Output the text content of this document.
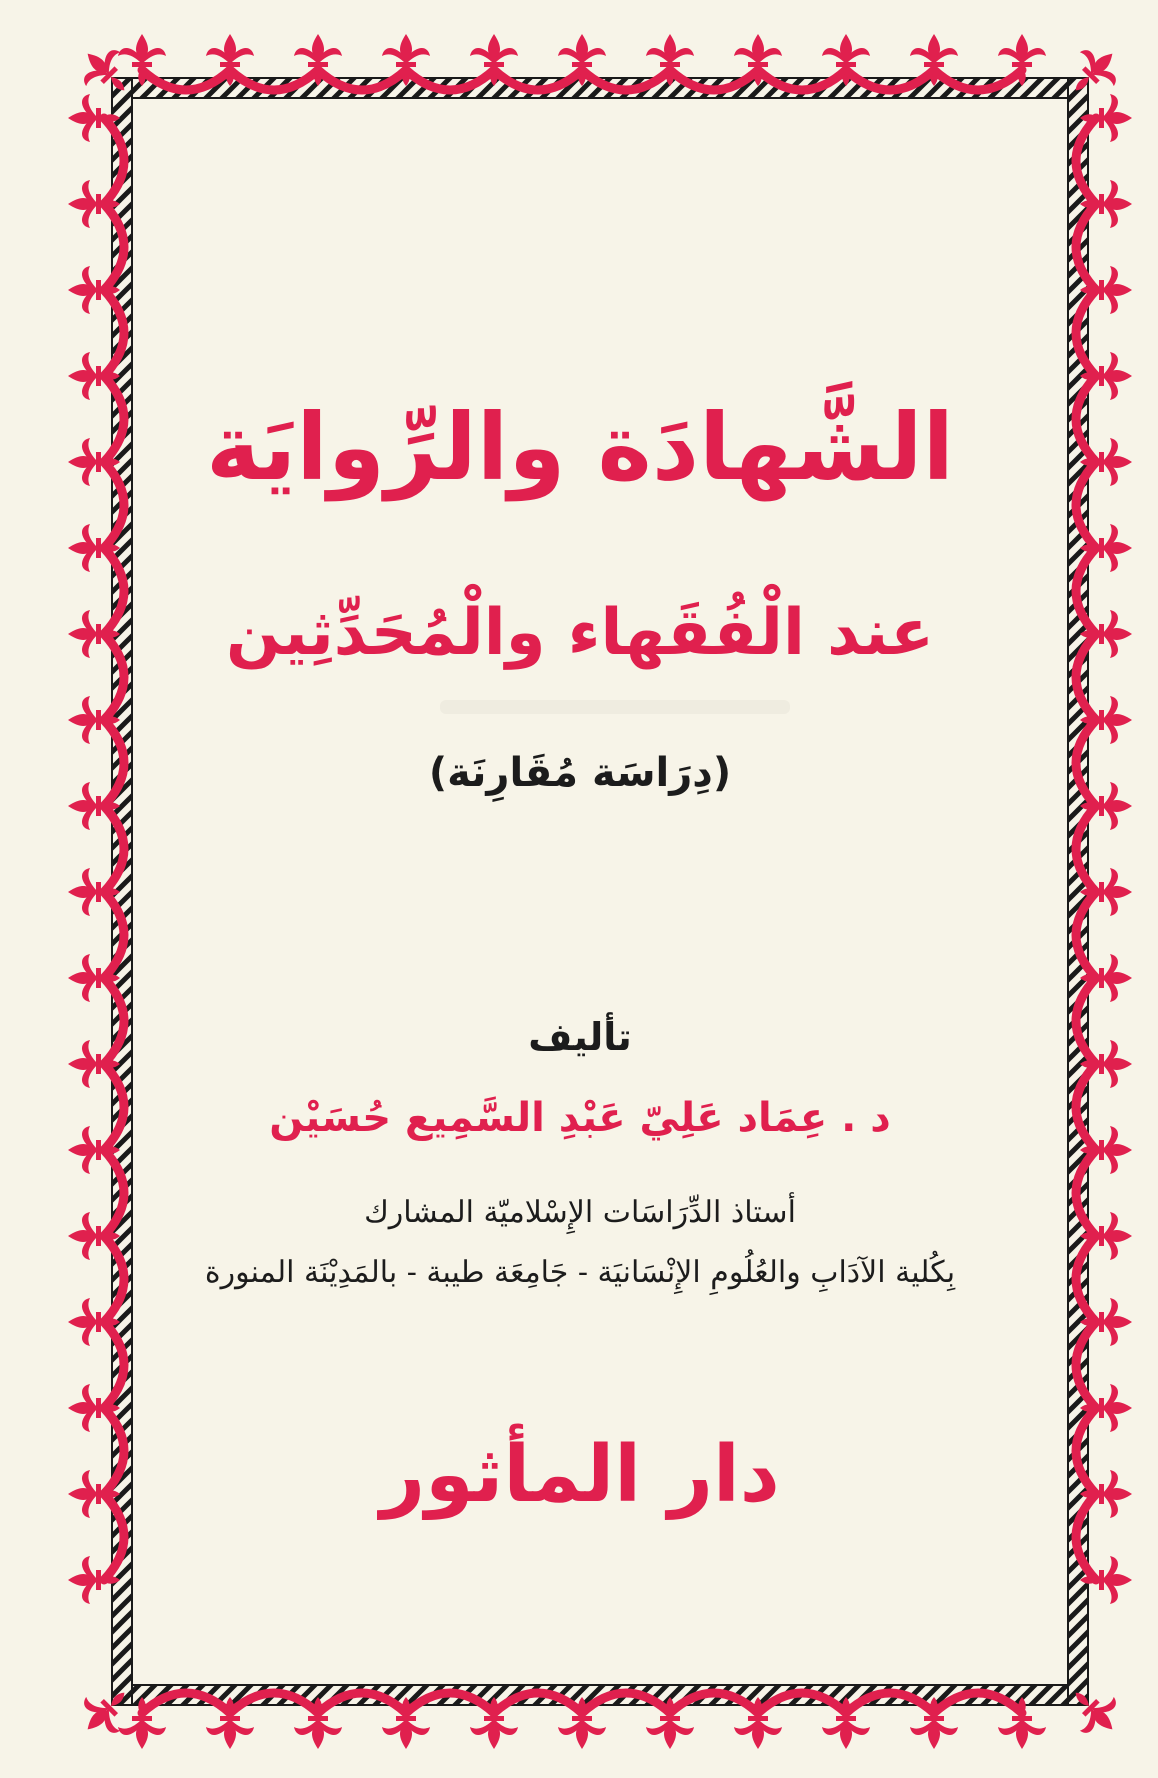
الشَّهادَة والرِّوايَة
عند الْفُقَهاء والْمُحَدِّثِين
(دِرَاسَة مُقَارِنَة)
تأليف
د . عِمَاد عَلِيّ عَبْدِ السَّمِيع حُسَيْن
أستاذ الدِّرَاسَات الإِسْلاميّة المشارك
بِكُلية الآدَابِ والعُلُومِ الإِنْسَانيَة - جَامِعَة طيبة - بالمَدِيْنَة المنورة
دار المأثور
